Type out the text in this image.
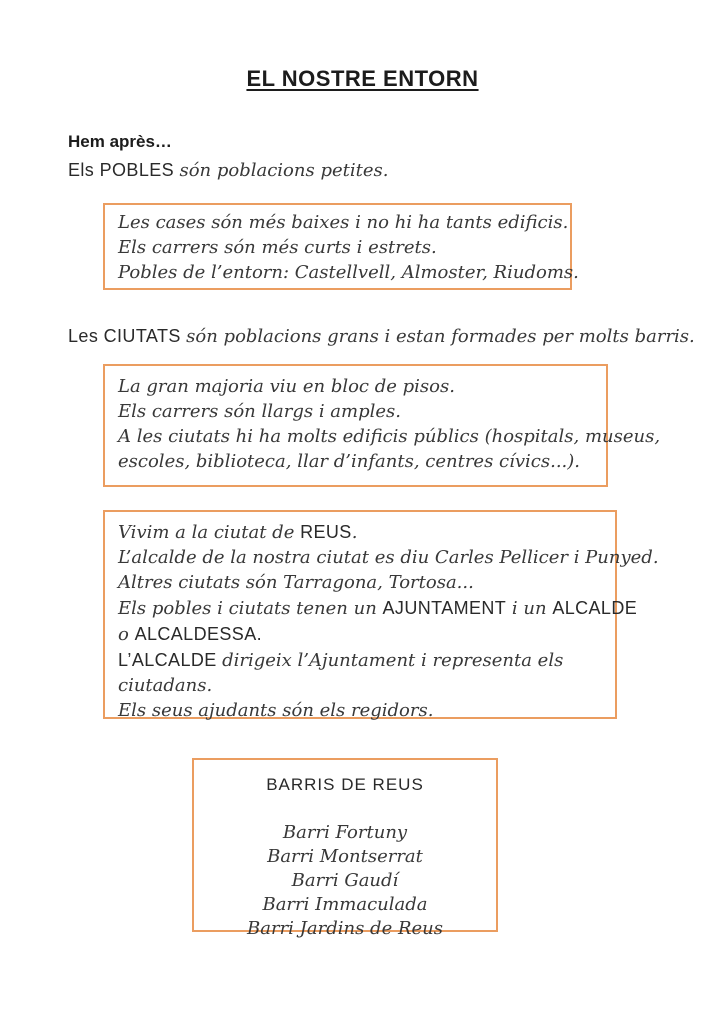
EL NOSTRE ENTORN
Hem après…
Els POBLES són poblacions petites.
Les cases són més baixes i no hi ha tants edificis.
Els carrers són més curts i estrets.
Pobles de l’entorn: Castellvell, Almoster, Riudoms.
Les CIUTATS són poblacions grans i estan formades per molts barris.
La gran majoria viu en bloc de pisos.
Els carrers són llargs i amples.
A les ciutats hi ha molts edificis públics (hospitals, museus,
escoles, biblioteca, llar d’infants, centres cívics...).
Vivim a la ciutat de REUS.
L’alcalde de la nostra ciutat es diu Carles Pellicer i Punyed.
Altres ciutats són Tarragona, Tortosa...
Els pobles i ciutats tenen un AJUNTAMENT i un ALCALDE
o ALCALDESSA.
L’ALCALDE dirigeix l’Ajuntament i representa els
ciutadans.
Els seus ajudants són els regidors.
BARRIS DE REUS
Barri Fortuny
Barri Montserrat
Barri Gaudí
Barri Immaculada
Barri Jardins de Reus
